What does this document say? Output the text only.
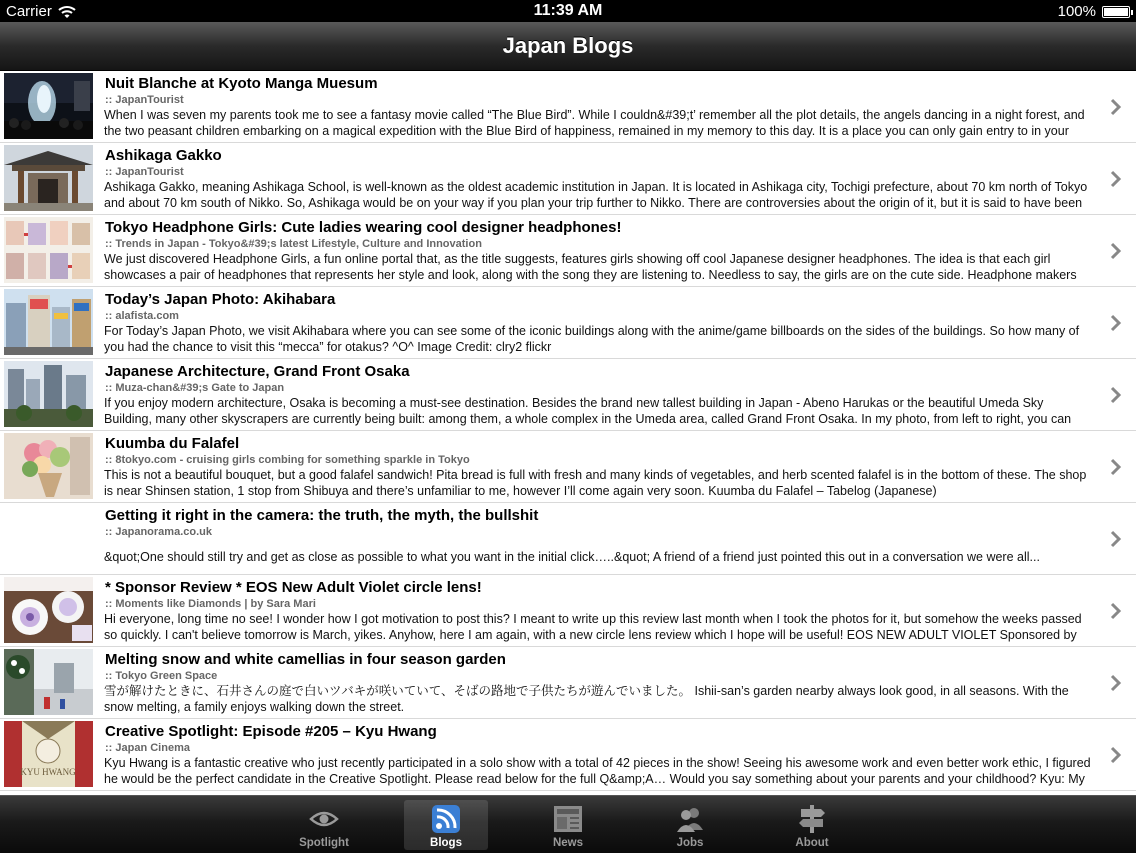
Carrier	11:39 AM	100%
Japan Blogs
Nuit Blanche at Kyoto Manga Muesum
:: JapanTourist
When I was seven my parents took me to see a fantasy movie called “The Blue Bird”. While I couldn&#39;t’ remember all the plot details, the angels dancing in a night forest, and the two peasant children embarking on a magical expedition with the Blue Bird of happiness, remained in my memory to this day. It is a place you can only gain entry to in your
Ashikaga Gakko
:: JapanTourist
Ashikaga Gakko, meaning Ashikaga School, is well-known as the oldest academic institution in Japan. It is located in Ashikaga city, Tochigi prefecture, about 70 km north of Tokyo and about 70 km south of Nikko. So, Ashikaga would be on your way if you plan your trip further to Nikko. There are controversies about the origin of it, but it is said to have been
Tokyo Headphone Girls: Cute ladies wearing cool designer headphones!
:: Trends in Japan - Tokyo&#39;s latest Lifestyle, Culture and Innovation
We just discovered Headphone Girls, a fun online portal that, as the title suggests, features girls showing off cool Japanese designer headphones. The idea is that each girl showcases a pair of headphones that represents her style and look, along with the song they are listening to. Needless to say, the girls are on the cute side. Headphone makers
Today’s Japan Photo: Akihabara
:: alafista.com
For Today’s Japan Photo, we visit Akihabara where you can see some of the iconic buildings along with the anime/game billboards on the sides of the buildings. So how many of you had the chance to visit this “mecca” for otakus? ^O^ Image Credit: clry2 flickr
Japanese Architecture, Grand Front Osaka
:: Muza-chan&#39;s Gate to Japan
If you enjoy modern architecture, Osaka is becoming a must-see destination. Besides the brand new tallest building in Japan - Abeno Harukas or the beautiful Umeda Sky Building, many other skyscrapers are currently being built: among them, a whole complex in the Umeda area, called Grand Front Osaka. In my photo, from left to right, you can
Kuumba du Falafel
:: 8tokyo.com - cruising girls combing for something sparkle in Tokyo
This is not a beautiful bouquet, but a good falafel sandwich! Pita bread is full with fresh and many kinds of vegetables, and herb scented falafel is in the bottom of these. The shop is near Shinsen station, 1 stop from Shibuya and there’s unfamiliar to me, however I’ll come again very soon. Kuumba du Falafel – Tabelog (Japanese)
Getting it right in the camera: the truth, the myth, the bullshit
:: Japanorama.co.uk
&quot;One should still try and get as close as possible to what you want in the initial click…..&quot; A friend of a friend just pointed this out in a conversation we were all...
* Sponsor Review * EOS New Adult Violet circle lens!
:: Moments like Diamonds | by Sara Mari
Hi everyone, long time no see! I wonder how I got motivation to post this? I meant to write up this review last month when I took the photos for it, but somehow the weeks passed so quickly. I can't believe tomorrow is March, yikes. Anyhow, here I am again, with a new circle lens review which I hope will be useful! EOS NEW ADULT VIOLET Sponsored by
Melting snow and white camellias in four season garden
:: Tokyo Green Space
雪が解けたときに、石井さんの庭で白いツバキが咲いていて、そばの路地で子供たちが遊んでいました。 Ishii-san’s garden nearby always look good, in all seasons. With the snow melting, a family enjoys walking down the street.
KYU HWANG
Creative Spotlight: Episode #205 – Kyu Hwang
:: Japan Cinema
Kyu Hwang is a fantastic creative who just recently participated in a solo show with a total of 42 pieces in the show! Seeing his awesome work and even better work ethic, I figured he would be the perfect candidate in the Creative Spotlight. Please read below for the full Q&amp;A… Would you say something about your parents and your childhood? Kyu: My
Spotlight	Blogs	News	Jobs	About
